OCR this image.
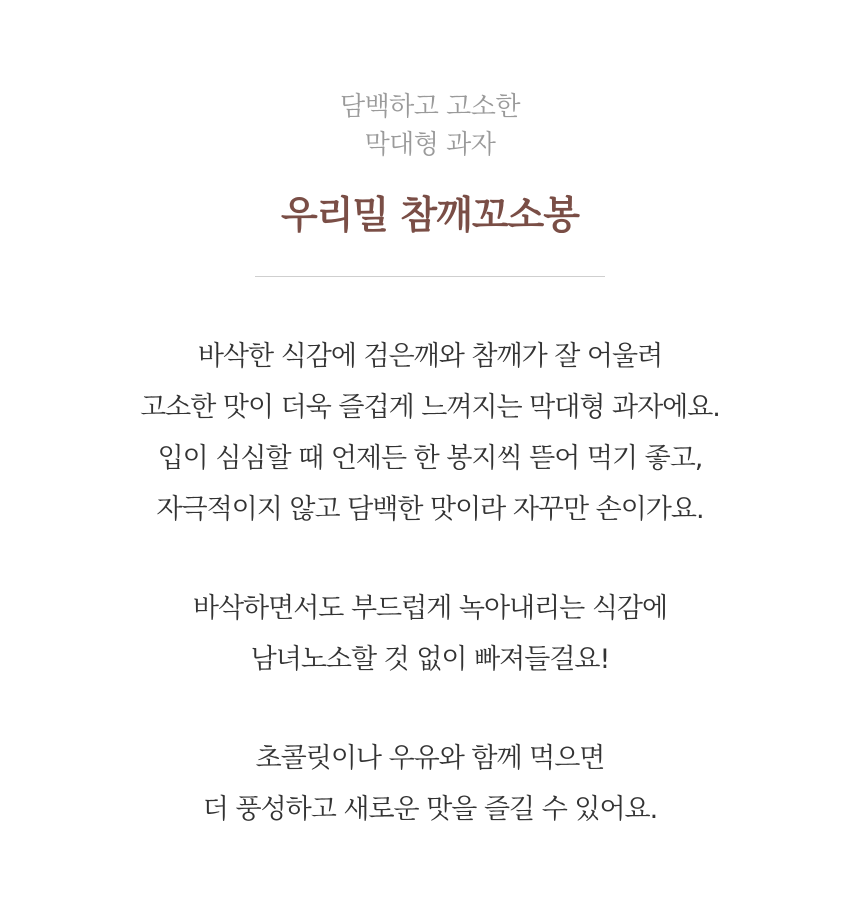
담백하고 고소한

막대형 과자

우리밀 참깨꼬소봉
바삭한 식감에 검은깨와 참깨가 잘 어울려
고소한 맛이 더욱 즐겁게 느껴지는 막대형 과자에요.
입이 심심할 때 언제든 한 봉지씩 뜯어 먹기 좋고,
자극적이지 않고 담백한 맛이라 자꾸만 손이가요.
바삭하면서도 부드럽게 녹아내리는 식감에
남녀노소할 것 없이 빠져들걸요!
초콜릿이나 우유와 함께 먹으면
더 풍성하고 새로운 맛을 즐길 수 있어요.
